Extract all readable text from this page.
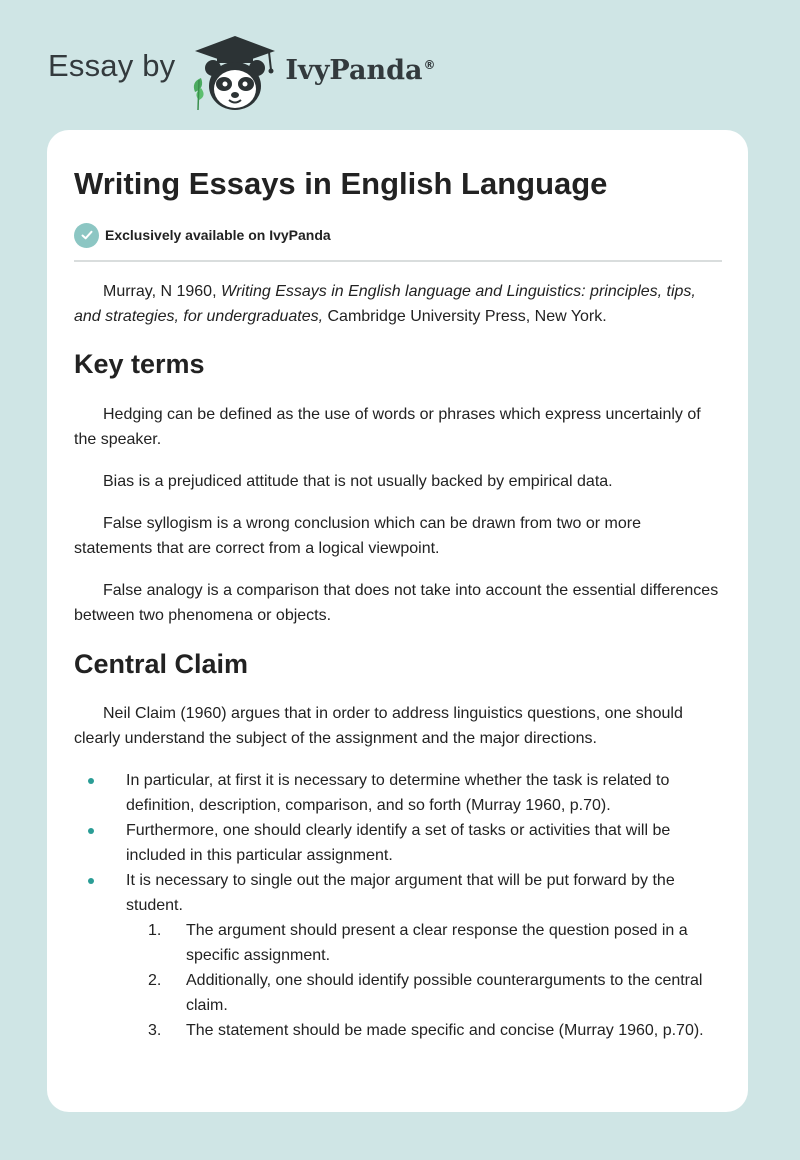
Essay by	IvyPanda®
Writing Essays in English Language
Exclusively available on IvyPanda

Murray, N 1960, Writing Essays in English language and Linguistics: principles, tips, and strategies, for undergraduates, Cambridge University Press, New York.

Key terms

Hedging can be defined as the use of words or phrases which express uncertainly of the speaker.

Bias is a prejudiced attitude that is not usually backed by empirical data.

False syllogism is a wrong conclusion which can be drawn from two or more statements that are correct from a logical viewpoint.

False analogy is a comparison that does not take into account the essential differences between two phenomena or objects.

Central Claim

Neil Claim (1960) argues that in order to address linguistics questions, one should clearly understand the subject of the assignment and the major directions.

In particular, at first it is necessary to determine whether the task is related to definition, description, comparison, and so forth (Murray 1960, p.70).
Furthermore, one should clearly identify a set of tasks or activities that will be included in this particular assignment.
It is necessary to single out the major argument that will be put forward by the student.
1. The argument should present a clear response the question posed in a specific assignment.
2. Additionally, one should identify possible counterarguments to the central claim.
3. The statement should be made specific and concise (Murray 1960, p.70).
